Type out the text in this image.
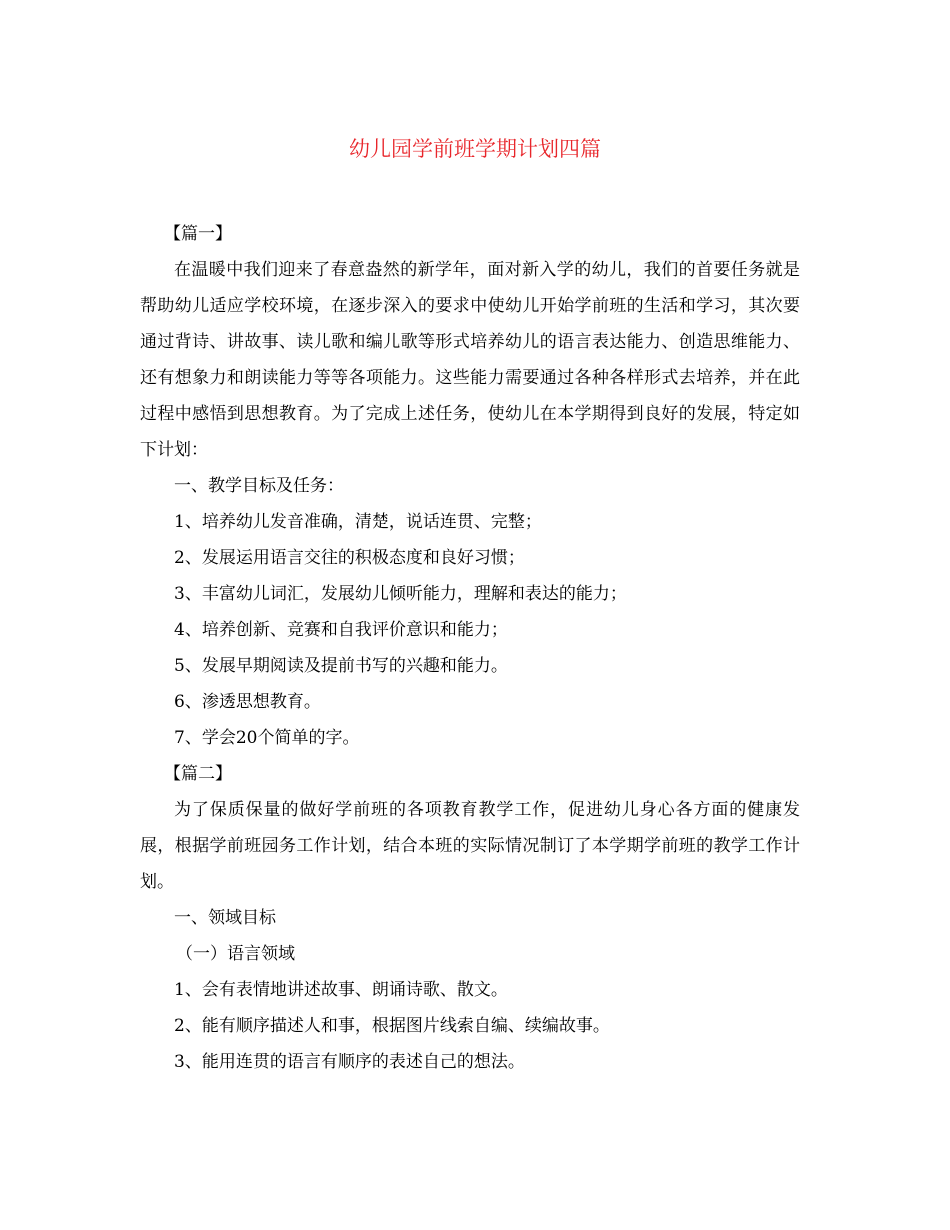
幼儿园学前班学期计划四篇

【篇一】

在温暖中我们迎来了春意盎然的新学年，面对新入学的幼儿，我们的首要任务就是帮助幼儿适应学校环境，在逐步深入的要求中使幼儿开始学前班的生活和学习，其次要通过背诗、讲故事、读儿歌和编儿歌等形式培养幼儿的语言表达能力、创造思维能力、还有想象力和朗读能力等等各项能力。这些能力需要通过各种各样形式去培养，并在此过程中感悟到思想教育。为了完成上述任务，使幼儿在本学期得到良好的发展，特定如下计划：

一、教学目标及任务：

1、培养幼儿发音准确，清楚，说话连贯、完整；

2、发展运用语言交往的积极态度和良好习惯；

3、丰富幼儿词汇，发展幼儿倾听能力，理解和表达的能力；

4、培养创新、竞赛和自我评价意识和能力；

5、发展早期阅读及提前书写的兴趣和能力。

6、渗透思想教育。

7、学会20个简单的字。

【篇二】

为了保质保量的做好学前班的各项教育教学工作，促进幼儿身心各方面的健康发展，根据学前班园务工作计划，结合本班的实际情况制订了本学期学前班的教学工作计划。

一、领域目标

（一）语言领域

1、会有表情地讲述故事、朗诵诗歌、散文。

2、能有顺序描述人和事，根据图片线索自编、续编故事。

3、能用连贯的语言有顺序的表述自己的想法。
